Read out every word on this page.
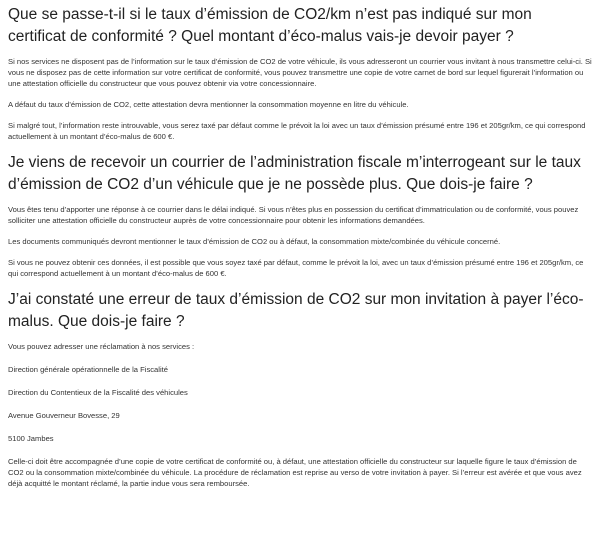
Que se passe-t-il si le taux d’émission de CO2/km n’est pas indiqué sur mon certificat de conformité ? Quel montant d’éco-malus vais-je devoir payer ?

Si nos services ne disposent pas de l’information sur le taux d’émission de CO2 de votre véhicule, ils vous adresseront un courrier vous invitant à nous transmettre celui-ci. Si vous ne disposez pas de cette information sur votre certificat de conformité, vous pouvez transmettre une copie de votre carnet de bord sur lequel figurerait l’information ou une attestation officielle du constructeur que vous pouvez obtenir via votre concessionnaire.

A défaut du taux d’émission de CO2, cette attestation devra mentionner la consommation moyenne en litre du véhicule.

Si malgré tout, l’information reste introuvable, vous serez taxé par défaut comme le prévoit la loi avec un taux d’émission présumé entre 196 et 205gr/km, ce qui correspond actuellement à un montant d’éco-malus de 600 €.

Je viens de recevoir un courrier de l’administration fiscale m’interrogeant sur le taux d’émission de CO2 d’un véhicule que je ne possède plus. Que dois-je faire ?

Vous êtes tenu d’apporter une réponse à ce courrier dans le délai indiqué. Si vous n’êtes plus en possession du certificat d’immatriculation ou de conformité, vous pouvez solliciter une attestation officielle du constructeur auprès de votre concessionnaire pour obtenir les informations demandées.

Les documents communiqués devront mentionner le taux d’émission de CO2 ou à défaut, la consommation mixte/combinée du véhicule concerné.

Si vous ne pouvez obtenir ces données, il est possible que vous soyez taxé par défaut, comme le prévoit la loi, avec un taux d’émission présumé entre 196 et 205gr/km, ce qui correspond actuellement à un montant d’éco-malus de 600 €.

J’ai constaté une erreur de taux d’émission de CO2 sur mon invitation à payer l’éco-malus. Que dois-je faire ?

Vous pouvez adresser une réclamation à nos services :

Direction générale opérationnelle de la Fiscalité

Direction du Contentieux de la Fiscalité des véhicules

Avenue Gouverneur Bovesse, 29

5100 Jambes

Celle-ci doit être accompagnée d’une copie de votre certificat de conformité ou, à défaut, une attestation officielle du constructeur sur laquelle figure le taux d’émission de CO2 ou la consommation mixte/combinée du véhicule. La procédure de réclamation est reprise au verso de votre invitation à payer. Si l’erreur est avérée et que vous avez déjà acquitté le montant réclamé, la partie indue vous sera remboursée.
